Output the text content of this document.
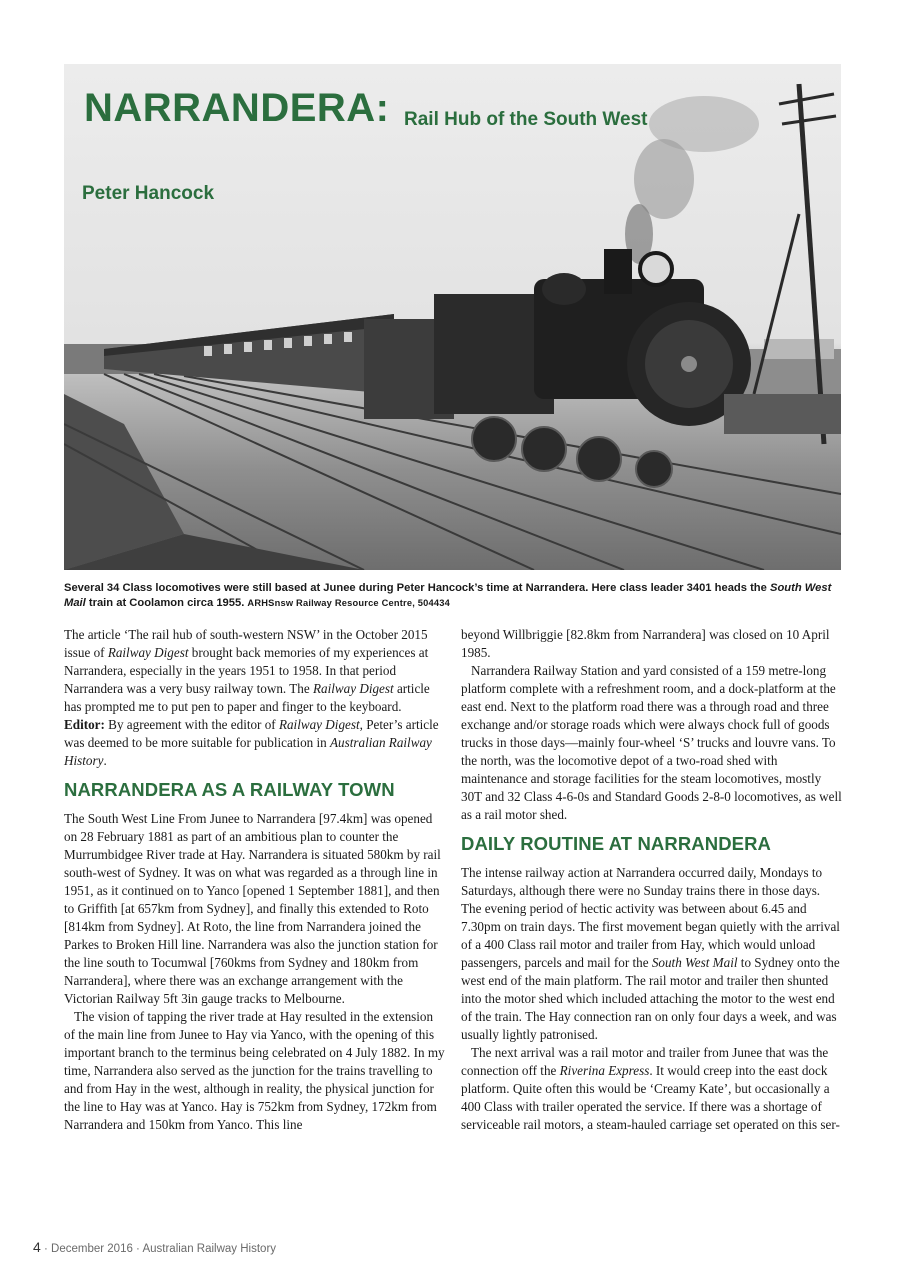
NARRANDERA: Rail Hub of the South West
Peter Hancock
Several 34 Class locomotives were still based at Junee during Peter Hancock’s time at Narrandera. Here class leader 3401 heads the South West Mail train at Coolamon circa 1955. ARHSnsw Railway Resource Centre, 504434

The article ‘The rail hub of south-western NSW’ in the October 2015 issue of Railway Digest brought back memories of my experiences at Narrandera, especially in the years 1951 to 1958. In that period Narrandera was a very busy railway town. The Railway Digest article has prompted me to put pen to paper and finger to the keyboard.

Editor: By agreement with the editor of Railway Digest, Peter’s article was deemed to be more suitable for publication in Australian Railway History.

NARRANDERA AS A RAILWAY TOWN

The South West Line From Junee to Narrandera [97.4km] was opened on 28 February 1881 as part of an ambitious plan to counter the Murrumbidgee River trade at Hay. Narrandera is situated 580km by rail south-west of Sydney. It was on what was regarded as a through line in 1951, as it continued on to Yanco [opened 1 September 1881], and then to Griffith [at 657km from Sydney], and finally this extended to Roto [814km from Sydney]. At Roto, the line from Narrandera joined the Parkes to Broken Hill line. Narrandera was also the junction station for the line south to Tocumwal [760kms from Sydney and 180km from Narrandera], where there was an exchange arrangement with the Victorian Railway 5ft 3in gauge tracks to Melbourne.

The vision of tapping the river trade at Hay resulted in the extension of the main line from Junee to Hay via Yanco, with the opening of this important branch to the terminus being celebrated on 4 July 1882. In my time, Narrandera also served as the junction for the trains travelling to and from Hay in the west, although in reality, the physical junction for the line to Hay was at Yanco. Hay is 752km from Sydney, 172km from Narrandera and 150km from Yanco. This line

beyond Willbriggie [82.8km from Narrandera] was closed on 10 April 1985.

Narrandera Railway Station and yard consisted of a 159 metre-long platform complete with a refreshment room, and a dock-platform at the east end. Next to the platform road there was a through road and three exchange and/or storage roads which were always chock full of goods trucks in those days—mainly four-wheel ‘S’ trucks and louvre vans. To the north, was the locomotive depot of a two-road shed with maintenance and storage facilities for the steam locomotives, mostly 30T and 32 Class 4-6-0s and Standard Goods 2-8-0 locomotives, as well as a rail motor shed.

DAILY ROUTINE AT NARRANDERA

The intense railway action at Narrandera occurred daily, Mondays to Saturdays, although there were no Sunday trains there in those days. The evening period of hectic activity was between about 6.45 and 7.30pm on train days. The first movement began quietly with the arrival of a 400 Class rail motor and trailer from Hay, which would unload passengers, parcels and mail for the South West Mail to Sydney onto the west end of the main platform. The rail motor and trailer then shunted into the motor shed which included attaching the motor to the west end of the train. The Hay connection ran on only four days a week, and was usually lightly patronised.

The next arrival was a rail motor and trailer from Junee that was the connection off the Riverina Express. It would creep into the east dock platform. Quite often this would be ‘Creamy Kate’, but occasionally a 400 Class with trailer operated the service. If there was a shortage of serviceable rail motors, a steam-hauled carriage set operated on this ser-

4 · December 2016 · Australian Railway History
